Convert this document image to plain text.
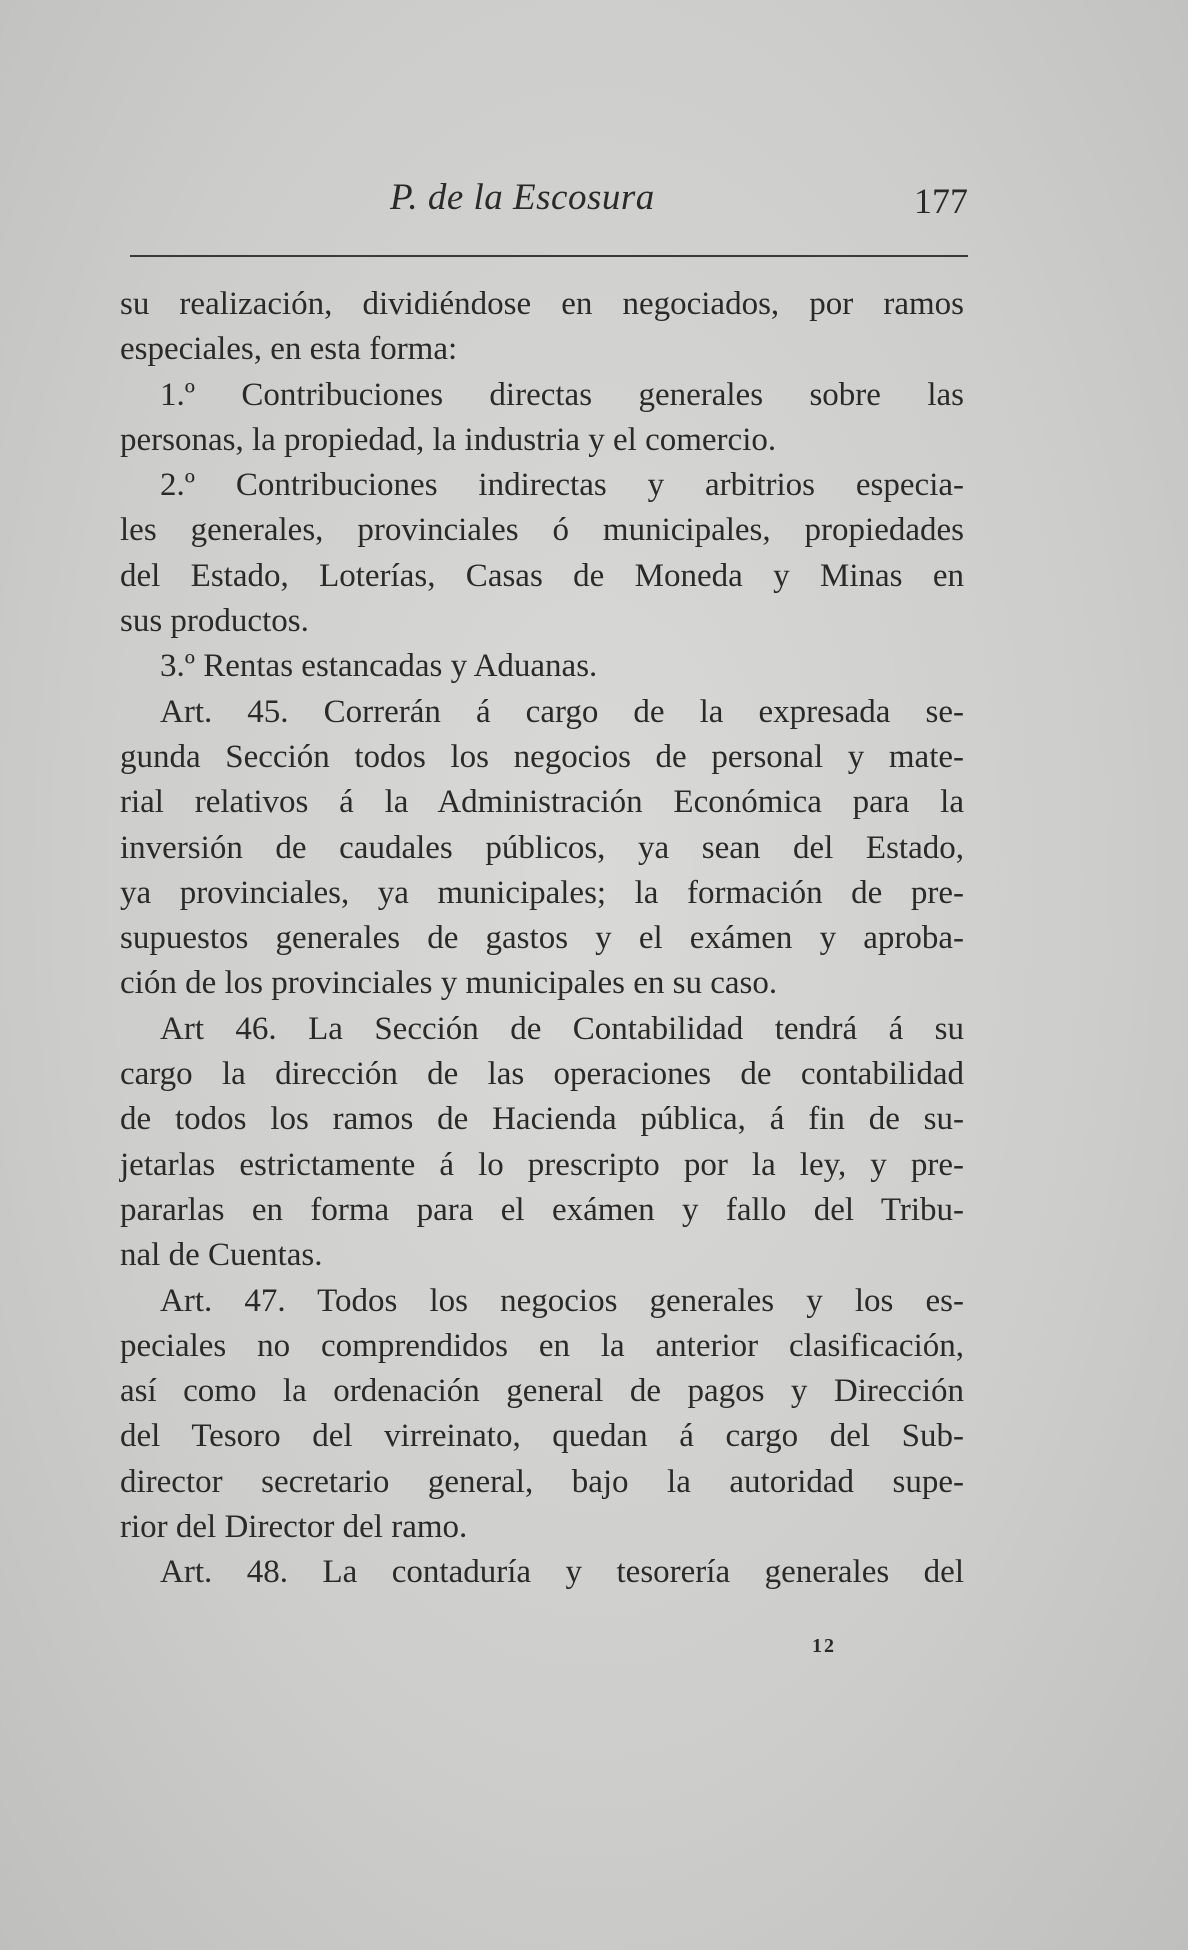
P. de la Escosura	177
su realización, dividiéndose en negociados, por ramos
especiales, en esta forma:
1.º Contribuciones directas generales sobre las
personas, la propiedad, la industria y el comercio.
2.º Contribuciones indirectas y arbitrios especia-
les generales, provinciales ó municipales, propiedades
del Estado, Loterías, Casas de Moneda y Minas en
sus productos.
3.º Rentas estancadas y Aduanas.
Art. 45. Correrán á cargo de la expresada se-
gunda Sección todos los negocios de personal y mate-
rial relativos á la Administración Económica para la
inversión de caudales públicos, ya sean del Estado,
ya provinciales, ya municipales; la formación de pre-
supuestos generales de gastos y el exámen y aproba-
ción de los provinciales y municipales en su caso.
Art 46. La Sección de Contabilidad tendrá á su
cargo la dirección de las operaciones de contabilidad
de todos los ramos de Hacienda pública, á fin de su-
jetarlas estrictamente á lo prescripto por la ley, y pre-
pararlas en forma para el exámen y fallo del Tribu-
nal de Cuentas.
Art. 47. Todos los negocios generales y los es-
peciales no comprendidos en la anterior clasificación,
así como la ordenación general de pagos y Dirección
del Tesoro del virreinato, quedan á cargo del Sub-
director secretario general, bajo la autoridad supe-
rior del Director del ramo.
Art. 48. La contaduría y tesorería generales del
12
